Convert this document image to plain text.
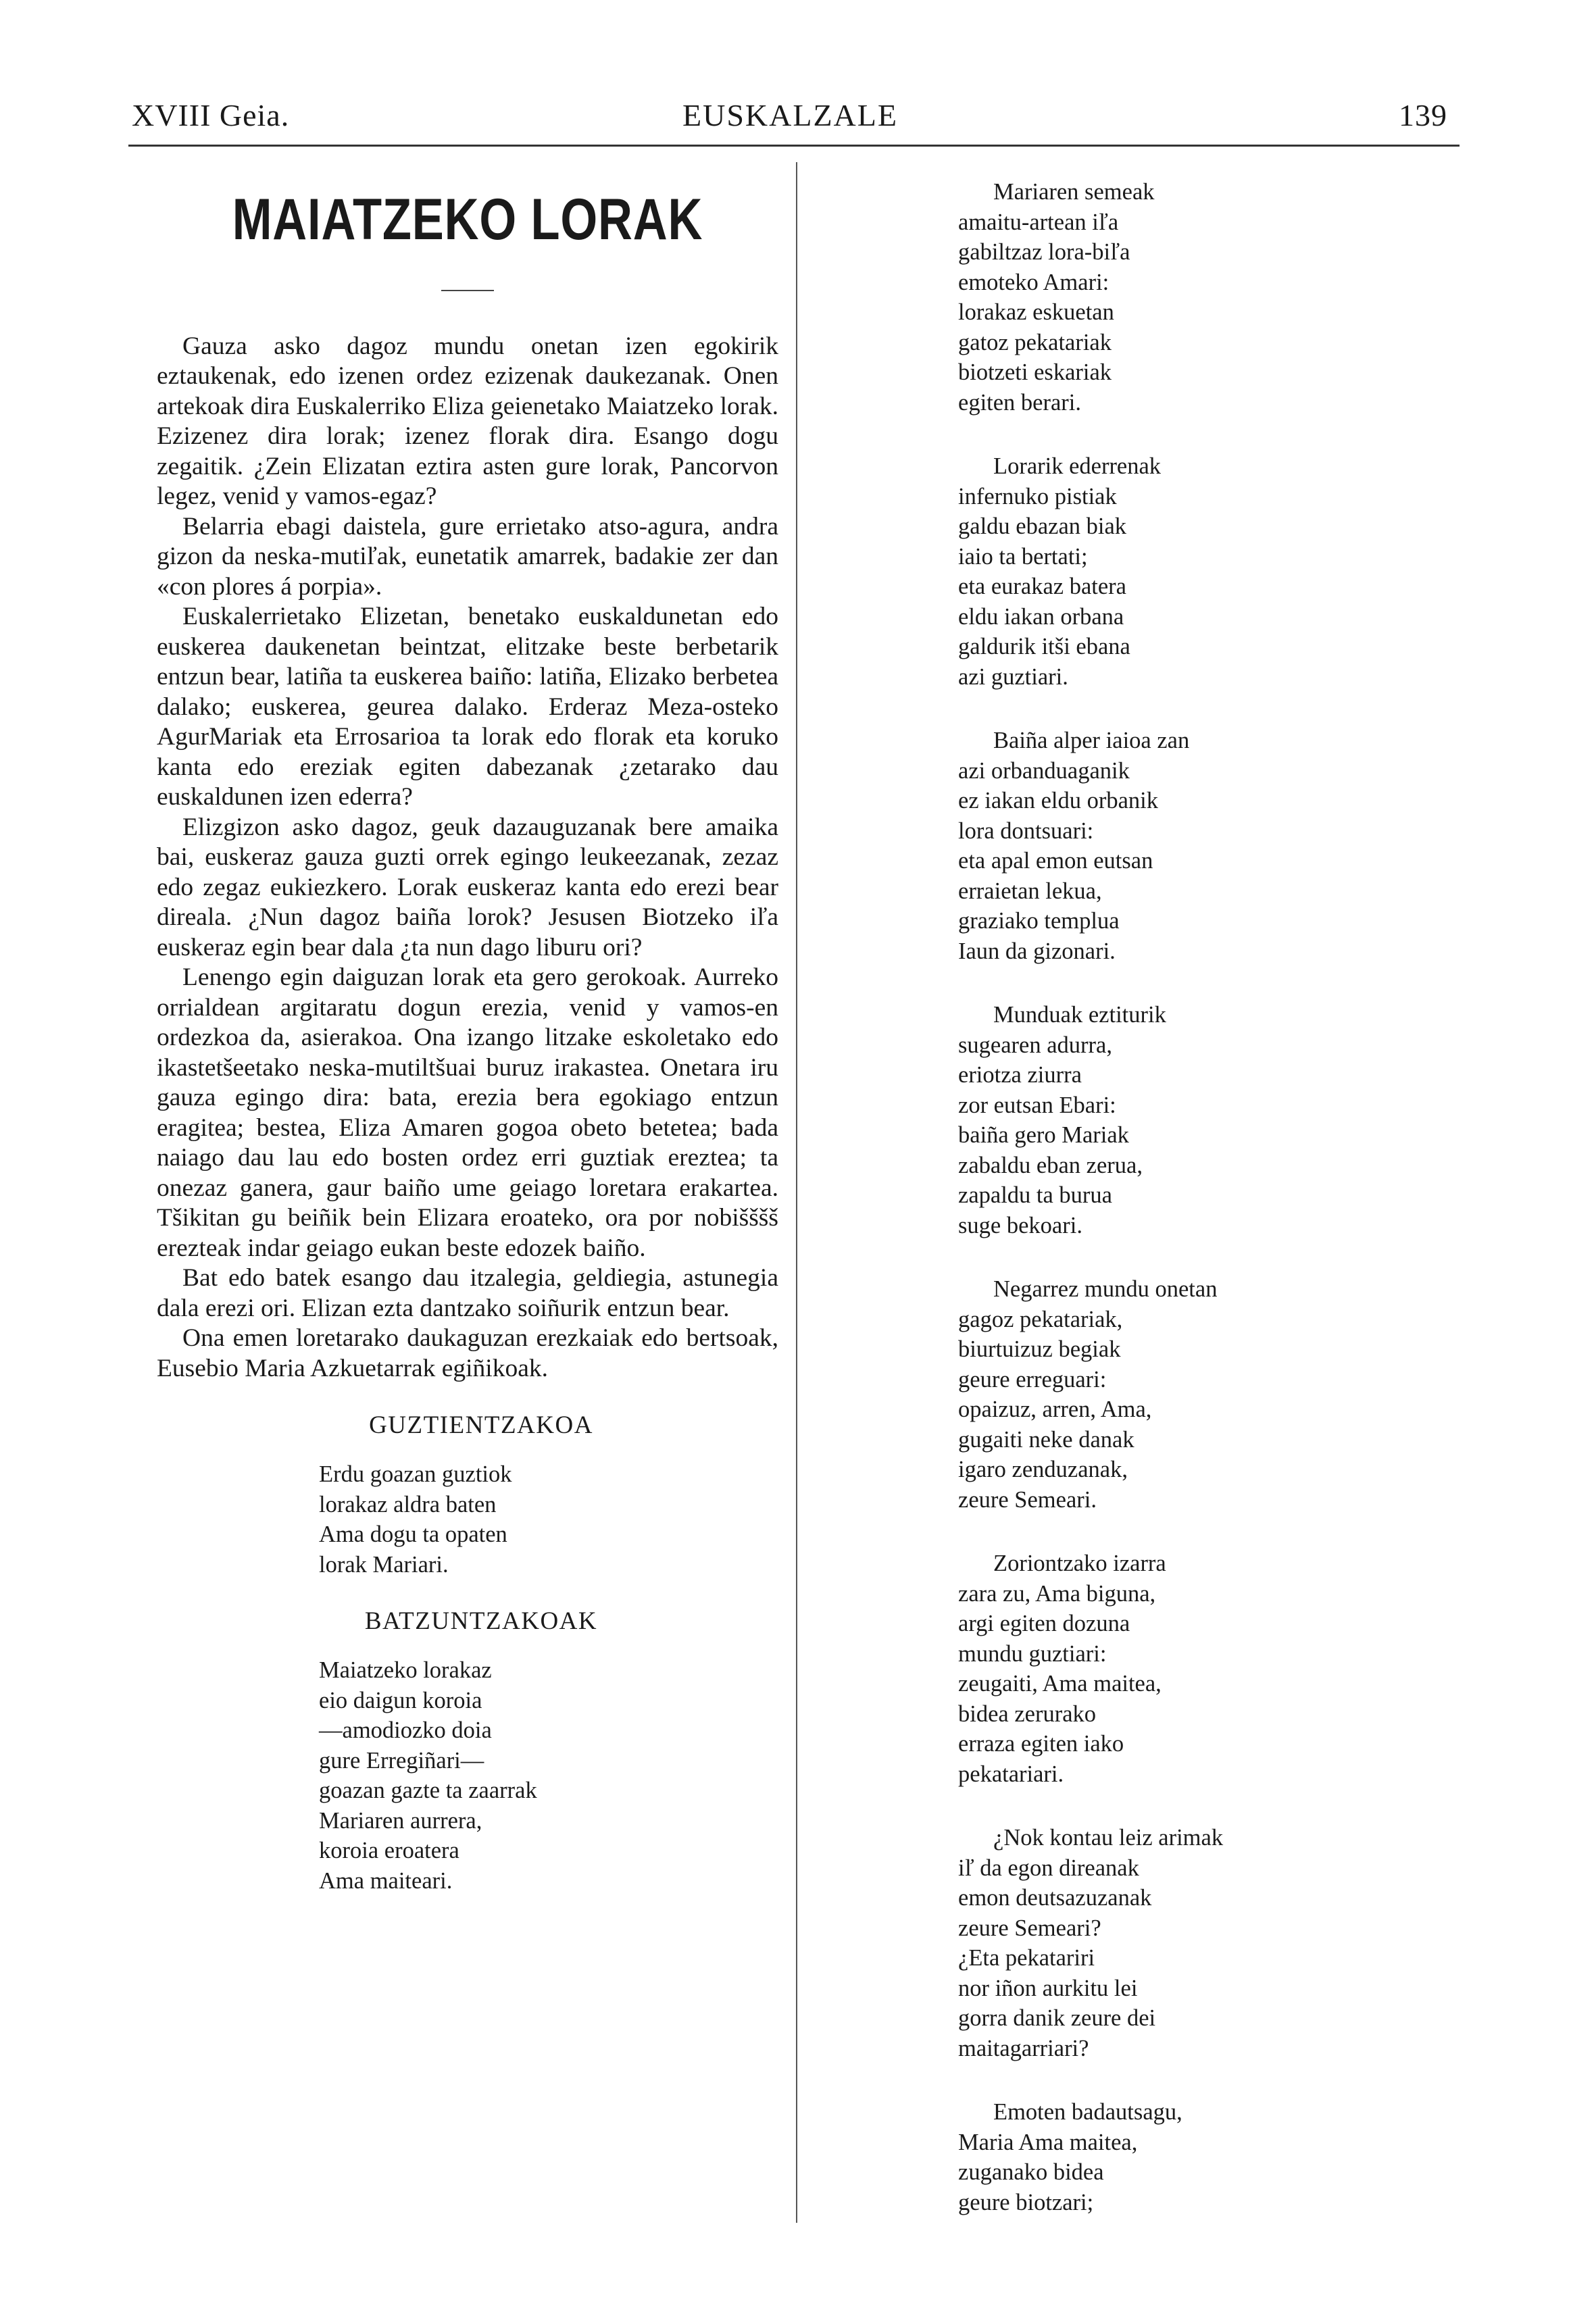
XVIII Geia.	EUSKALZALE	139
MAIATZEKO LORAK

Gauza asko dagoz mundu onetan izen egokirik eztaukenak, edo izenen ordez ezizenak daukezanak. Onen artekoak dira Euskalerriko Eliza geienetako Maiatzeko lorak. Ezizenez dira lorak; izenez florak dira. Esango dogu zegaitik. ¿Zein Elizatan eztira asten gure lorak, Pancorvon legez, venid y vamos-egaz?

Belarria ebagi daistela, gure errietako atso-agura, andra gizon da neska-mutiľak, eunetatik amarrek, badakie zer dan «con plores á porpia».

Euskalerrietako Elizetan, benetako euskaldunetan edo euskerea daukenetan beintzat, elitzake beste berbetarik entzun bear, latiña ta euskerea baiño: latiña, Elizako berbetea dalako; euskerea, geurea dalako. Erderaz Meza-osteko AgurMariak eta Errosarioa ta lorak edo florak eta koruko kanta edo ereziak egiten dabezanak ¿zetarako dau euskaldunen izen ederra?

Elizgizon asko dagoz, geuk dazauguzanak bere amaika bai, euskeraz gauza guzti orrek egingo leukeezanak, zezaz edo zegaz eukiezkero. Lorak euskeraz kanta edo erezi bear direala. ¿Nun dagoz baiña lorok? Jesusen Biotzeko iľa euskeraz egin bear dala ¿ta nun dago liburu ori?

Lenengo egin daiguzan lorak eta gero gerokoak. Aurreko orrialdean argitaratu dogun erezia, venid y vamos-en ordezkoa da, asierakoa. Ona izango litzake eskoletako edo ikastetšeetako neska-mutiltšuai buruz irakastea. Onetara iru gauza egingo dira: bata, erezia bera egokiago entzun eragitea; bestea, Eliza Amaren gogoa obeto betetea; bada naiago dau lau edo bosten ordez erri guztiak ereztea; ta onezaz ganera, gaur baiño ume geiago loretara erakartea. Tšikitan gu beiñik bein Elizara eroateko, ora por nobišššš erezteak indar geiago eukan beste edozek baiño.

Bat edo batek esango dau itzalegia, geldiegia, astunegia dala erezi ori. Elizan ezta dantzako soiñurik entzun bear.

Ona emen loretarako daukaguzan erezkaiak edo bertsoak, Eusebio Maria Azkuetarrak egiñikoak.

GUZTIENTZAKOA
Erdu goazan guztiok
lorakaz aldra baten
Ama dogu ta opaten
lorak Mariari.
BATZUNTZAKOAK
Maiatzeko lorakaz
eio daigun koroia
—amodiozko doia
gure Erregiñari—
goazan gazte ta zaarrak
Mariaren aurrera,
koroia eroatera
Ama maiteari.
Mariaren semeak
amaitu-artean iľa
gabiltzaz lora-biľa
emoteko Amari:
lorakaz eskuetan
gatoz pekatariak
biotzeti eskariak
egiten berari.
Lorarik ederrenak
infernuko pistiak
galdu ebazan biak
iaio ta bertati;
eta eurakaz batera
eldu iakan orbana
galdurik itši ebana
azi guztiari.
Baiña alper iaioa zan
azi orbanduaganik
ez iakan eldu orbanik
lora dontsuari:
eta apal emon eutsan
erraietan lekua,
graziako templua
Iaun da gizonari.
Munduak eztiturik
sugearen adurra,
eriotza ziurra
zor eutsan Ebari:
baiña gero Mariak
zabaldu eban zerua,
zapaldu ta burua
suge bekoari.
Negarrez mundu onetan
gagoz pekatariak,
biurtuizuz begiak
geure erreguari:
opaizuz, arren, Ama,
gugaiti neke danak
igaro zenduzanak,
zeure Semeari.
Zoriontzako izarra
zara zu, Ama biguna,
argi egiten dozuna
mundu guztiari:
zeugaiti, Ama maitea,
bidea zerurako
erraza egiten iako
pekatariari.
¿Nok kontau leiz arimak
iľ da egon direanak
emon deutsazuzanak
zeure Semeari?
¿Eta pekatariri
nor iñon aurkitu lei
gorra danik zeure dei
maitagarriari?
Emoten badautsagu,
Maria Ama maitea,
zuganako bidea
geure biotzari;
